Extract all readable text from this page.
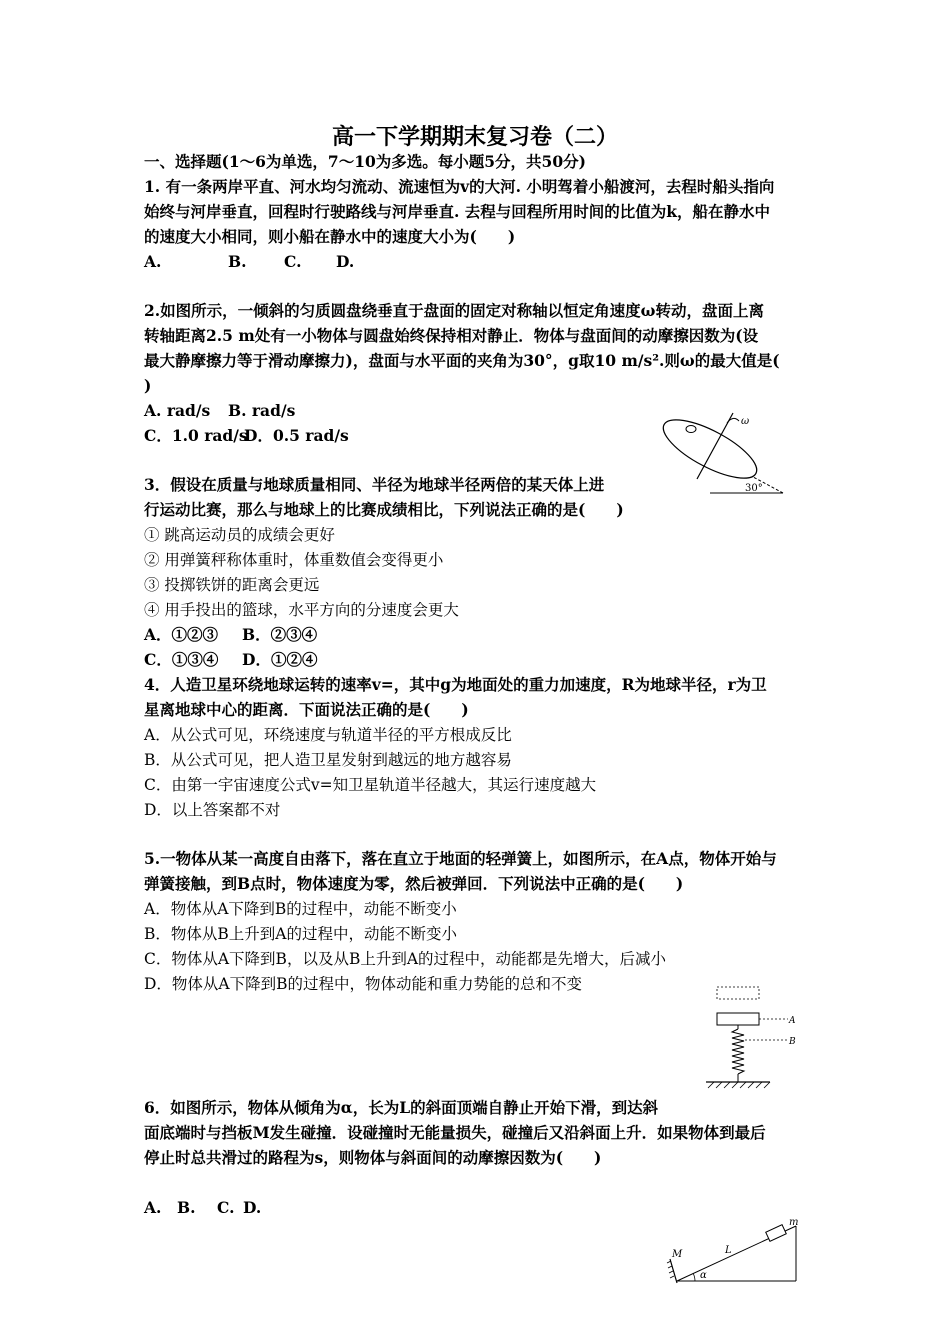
高一下学期期末复习卷（二）
一、选择题(1～6为单选，7～10为多选。每小题5分，共50分)
1. 有一条两岸平直、河水均匀流动、流速恒为v的大河. 小明驾着小船渡河，去程时船头指向
始终与河岸垂直，回程时行驶路线与河岸垂直. 去程与回程所用时间的比值为k，船在静水中
的速度大小相同，则小船在静水中的速度大小为(　　)
A.	B. C. D.
2.如图所示，一倾斜的匀质圆盘绕垂直于盘面的固定对称轴以恒定角速度ω转动，盘面上离
转轴距离2.5 m处有一小物体与圆盘始终保持相对静止．物体与盘面间的动摩擦因数为(设
最大静摩擦力等于滑动摩擦力)，盘面与水平面的夹角为30°，g取10 m/s².则ω的最大值是(
)
A. rad/s B. rad/s
C．1.0 rad/sD．0.5 rad/s
ω
30°
3．假设在质量与地球质量相同、半径为地球半径两倍的某天体上进
行运动比赛，那么与地球上的比赛成绩相比，下列说法正确的是(　　)
① 跳高运动员的成绩会更好
② 用弹簧秤称体重时，体重数值会变得更小
③ 投掷铁饼的距离会更远
④ 用手投出的篮球，水平方向的分速度会更大
A．①②③ B．②③④
C．①③④ D．①②④
4．人造卫星环绕地球运转的速率v=，其中g为地面处的重力加速度，R为地球半径，r为卫
星离地球中心的距离．下面说法正确的是(　　)
A．从公式可见，环绕速度与轨道半径的平方根成反比
B．从公式可见，把人造卫星发射到越远的地方越容易
C．由第一宇宙速度公式v=知卫星轨道半径越大，其运行速度越大
D．以上答案都不对
5.一物体从某一高度自由落下，落在直立于地面的轻弹簧上，如图所示，在A点，物体开始与
弹簧接触，到B点时，物体速度为零，然后被弹回．下列说法中正确的是(　　)
A．物体从A下降到B的过程中，动能不断变小
B．物体从B上升到A的过程中，动能不断变小
C．物体从A下降到B，以及从B上升到A的过程中，动能都是先增大，后减小
D．物体从A下降到B的过程中，物体动能和重力势能的总和不变
A
B
6．如图所示，物体从倾角为α，长为L的斜面顶端自静止开始下滑，到达斜
面底端时与挡板M发生碰撞．设碰撞时无能量损失，碰撞后又沿斜面上升．如果物体到最后
停止时总共滑过的路程为s，则物体与斜面间的动摩擦因数为(　　)
A. B. C. D.
M
m
L
α
